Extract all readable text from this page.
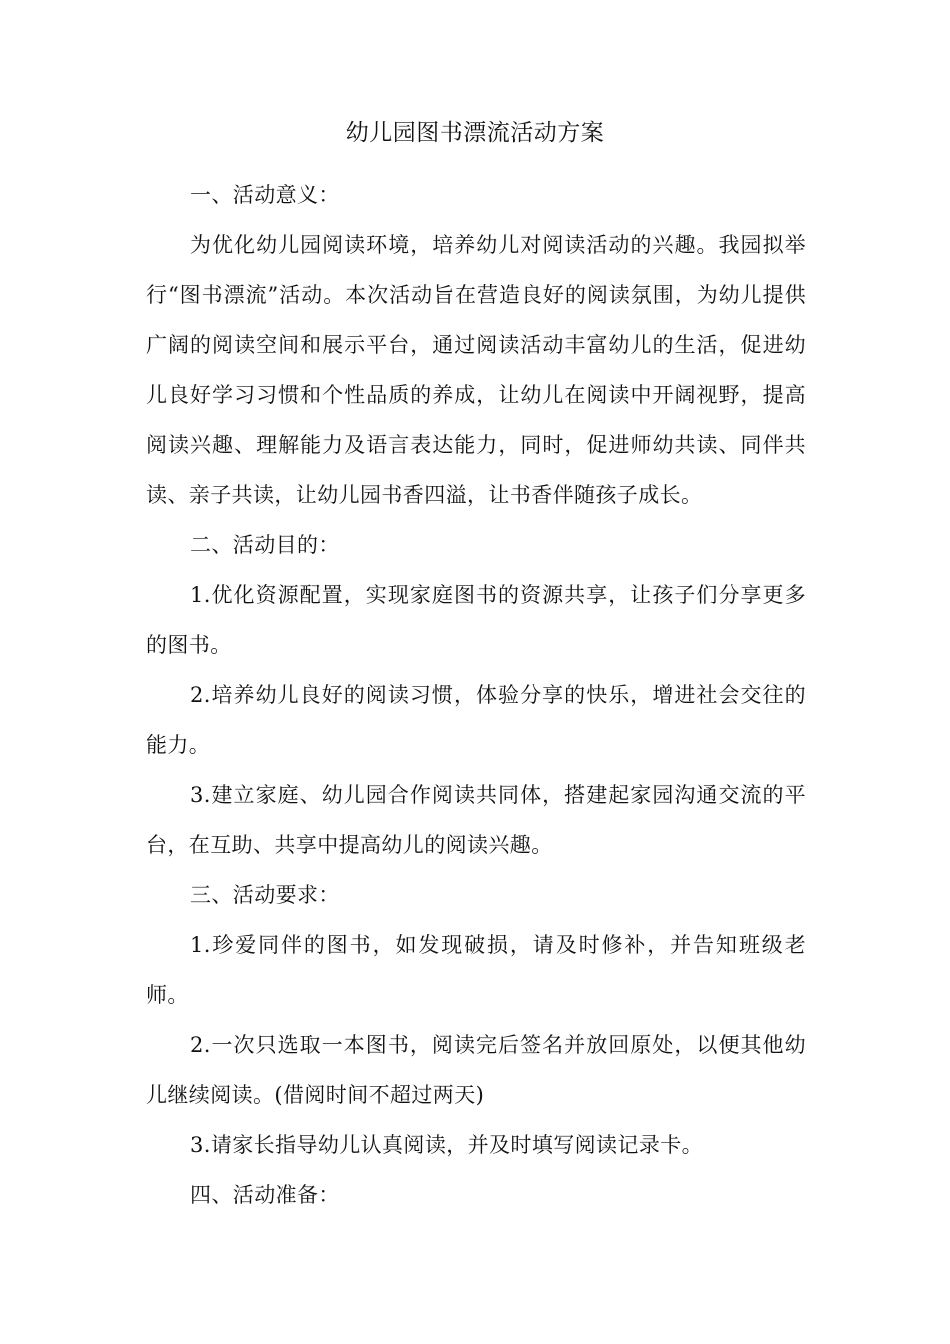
幼儿园图书漂流活动方案

一、活动意义：

为优化幼儿园阅读环境，培养幼儿对阅读活动的兴趣。我园拟举行“图书漂流”活动。本次活动旨在营造良好的阅读氛围，为幼儿提供广阔的阅读空间和展示平台，通过阅读活动丰富幼儿的生活，促进幼儿良好学习习惯和个性品质的养成，让幼儿在阅读中开阔视野，提高阅读兴趣、理解能力及语言表达能力，同时，促进师幼共读、同伴共读、亲子共读，让幼儿园书香四溢，让书香伴随孩子成长。

二、活动目的：

1.优化资源配置，实现家庭图书的资源共享，让孩子们分享更多的图书。

2.培养幼儿良好的阅读习惯，体验分享的快乐，增进社会交往的能力。

3.建立家庭、幼儿园合作阅读共同体，搭建起家园沟通交流的平台，在互助、共享中提高幼儿的阅读兴趣。

三、活动要求：

1.珍爱同伴的图书，如发现破损，请及时修补，并告知班级老师。

2.一次只选取一本图书，阅读完后签名并放回原处，以便其他幼儿继续阅读。(借阅时间不超过两天)

3.请家长指导幼儿认真阅读，并及时填写阅读记录卡。

四、活动准备：
